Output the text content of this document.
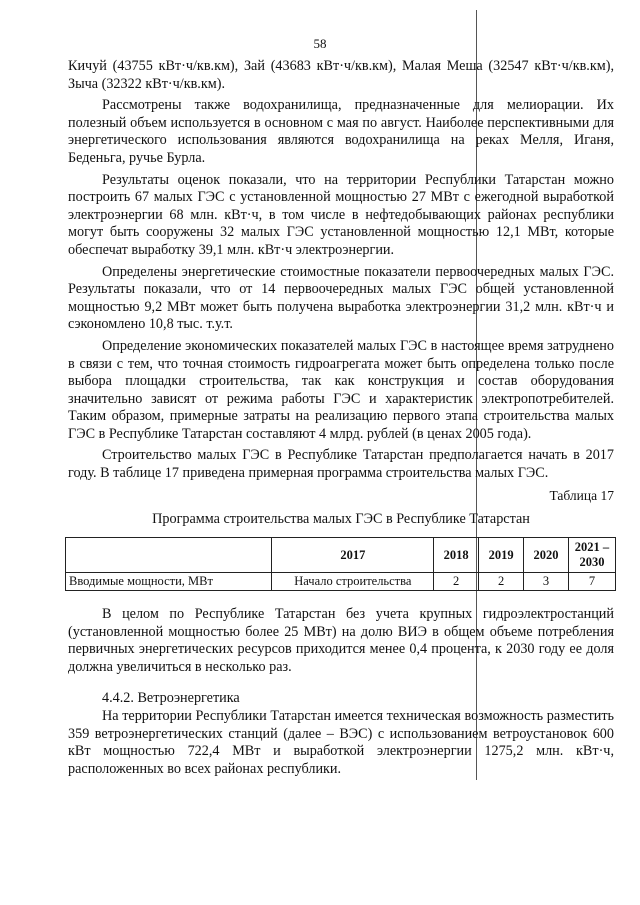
58

Кичуй (43755 кВт·ч/кв.км), Зай (43683 кВт·ч/кв.км), Малая Меша (32547 кВт·ч/кв.км), Зыча (32322 кВт·ч/кв.км).

Рассмотрены также водохранилища, предназначенные для мелиорации. Их полезный объем используется в основном с мая по август. Наиболее перспективными для энергетического использования являются водохранилища на реках Мелля, Иганя, Беденьга, ручье Бурла.

Результаты оценок показали, что на территории Республики Татарстан можно построить 67 малых ГЭС с установленной мощностью 27 МВт с ежегодной выработкой электроэнергии 68 млн. кВт·ч, в том числе в нефтедобывающих районах республики могут быть сооружены 32 малых ГЭС установленной мощностью 12,1 МВт, которые обеспечат выработку 39,1 млн. кВт·ч электроэнергии.

Определены энергетические стоимостные показатели первоочередных малых ГЭС. Результаты показали, что от 14 первоочередных малых ГЭС общей установленной мощностью 9,2 МВт может быть получена выработка электроэнергии 31,2 млн. кВт·ч и сэкономлено 10,8 тыс. т.у.т.

Определение экономических показателей малых ГЭС в настоящее время затруднено в связи с тем, что точная стоимость гидроагрегата может быть определена только после выбора площадки строительства, так как конструкция и состав оборудования значительно зависят от режима работы ГЭС и характеристик электропотребителей. Таким образом, примерные затраты на реализацию первого этапа строительства малых ГЭС в Республике Татарстан составляют 4 млрд. рублей (в ценах 2005 года).

Строительство малых ГЭС в Республике Татарстан предполагается начать в 2017 году. В таблице 17 приведена примерная программа строительства малых ГЭС.

Таблица 17
Программа строительства малых ГЭС в Республике Татарстан
	2017	2018	2019	2020	2021 – 2030
Вводимые мощности, МВт	Начало строительства	2	2	3	7

В целом по Республике Татарстан без учета крупных гидроэлектростанций (установленной мощностью более 25 МВт) на долю ВИЭ в общем объеме потребления первичных энергетических ресурсов приходится менее 0,4 процента, к 2030 году ее доля должна увеличиться в несколько раз.

4.4.2. Ветроэнергетика

На территории Республики Татарстан имеется техническая возможность разместить 359 ветроэнергетических станций (далее – ВЭС) с использованием ветроустановок 600 кВт мощностью 722,4 МВт и выработкой электроэнергии 1275,2 млн. кВт·ч, расположенных во всех районах республики.
